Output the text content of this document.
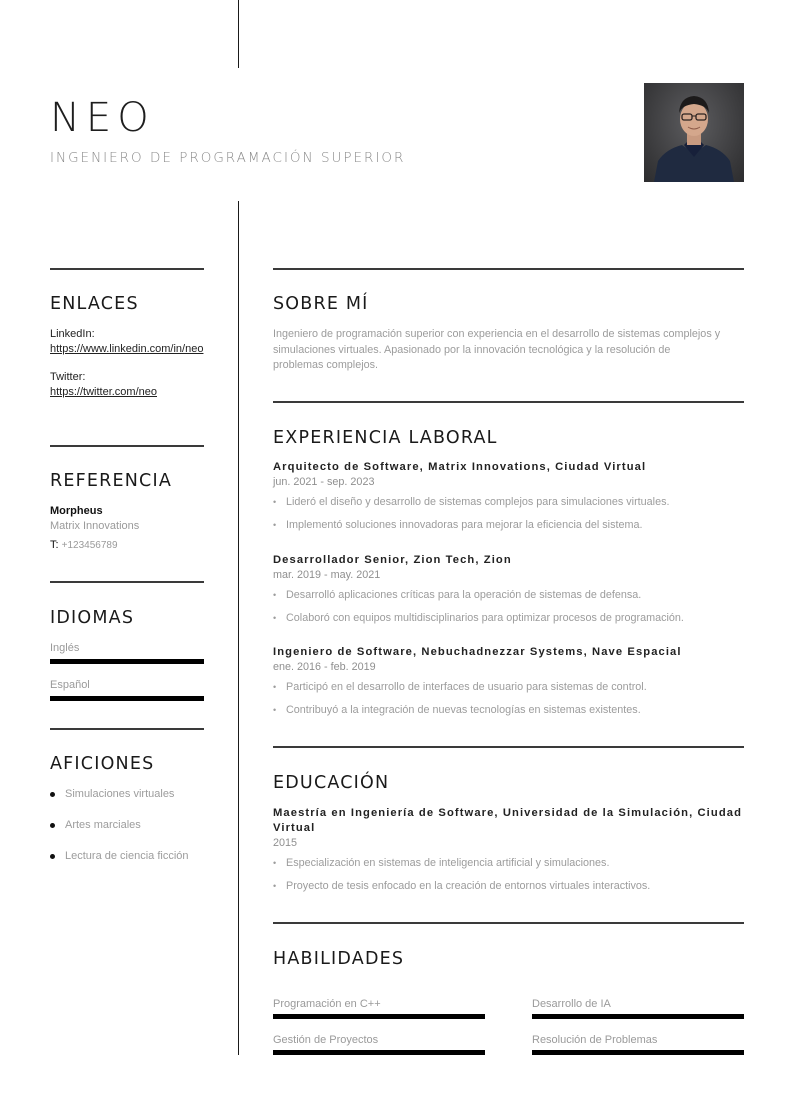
NEO
INGENIERO DE PROGRAMACIÓN SUPERIOR
ENLACES
LinkedIn:
https://www.linkedin.com/in/neo
Twitter:
https://twitter.com/neo
REFERENCIA
Morpheus
Matrix Innovations
T: +123456789
IDIOMAS
Inglés
Español
AFICIONES
Simulaciones virtuales
Artes marciales
Lectura de ciencia ficción
SOBRE MÍ
Ingeniero de programación superior con experiencia en el desarrollo de sistemas complejos y simulaciones virtuales. Apasionado por la innovación tecnológica y la resolución de problemas complejos.
EXPERIENCIA LABORAL
Arquitecto de Software, Matrix Innovations, Ciudad Virtual
jun. 2021 - sep. 2023
• Lideró el diseño y desarrollo de sistemas complejos para simulaciones virtuales.
• Implementó soluciones innovadoras para mejorar la eficiencia del sistema.
Desarrollador Senior, Zion Tech, Zion
mar. 2019 - may. 2021
• Desarrolló aplicaciones críticas para la operación de sistemas de defensa.
• Colaboró con equipos multidisciplinarios para optimizar procesos de programación.
Ingeniero de Software, Nebuchadnezzar Systems, Nave Espacial
ene. 2016 - feb. 2019
• Participó en el desarrollo de interfaces de usuario para sistemas de control.
• Contribuyó a la integración de nuevas tecnologías en sistemas existentes.
EDUCACIÓN
Maestría en Ingeniería de Software, Universidad de la Simulación, Ciudad Virtual
2015
• Especialización en sistemas de inteligencia artificial y simulaciones.
• Proyecto de tesis enfocado en la creación de entornos virtuales interactivos.
HABILIDADES
Programación en C++	Desarrollo de IA
Gestión de Proyectos	Resolución de Problemas
